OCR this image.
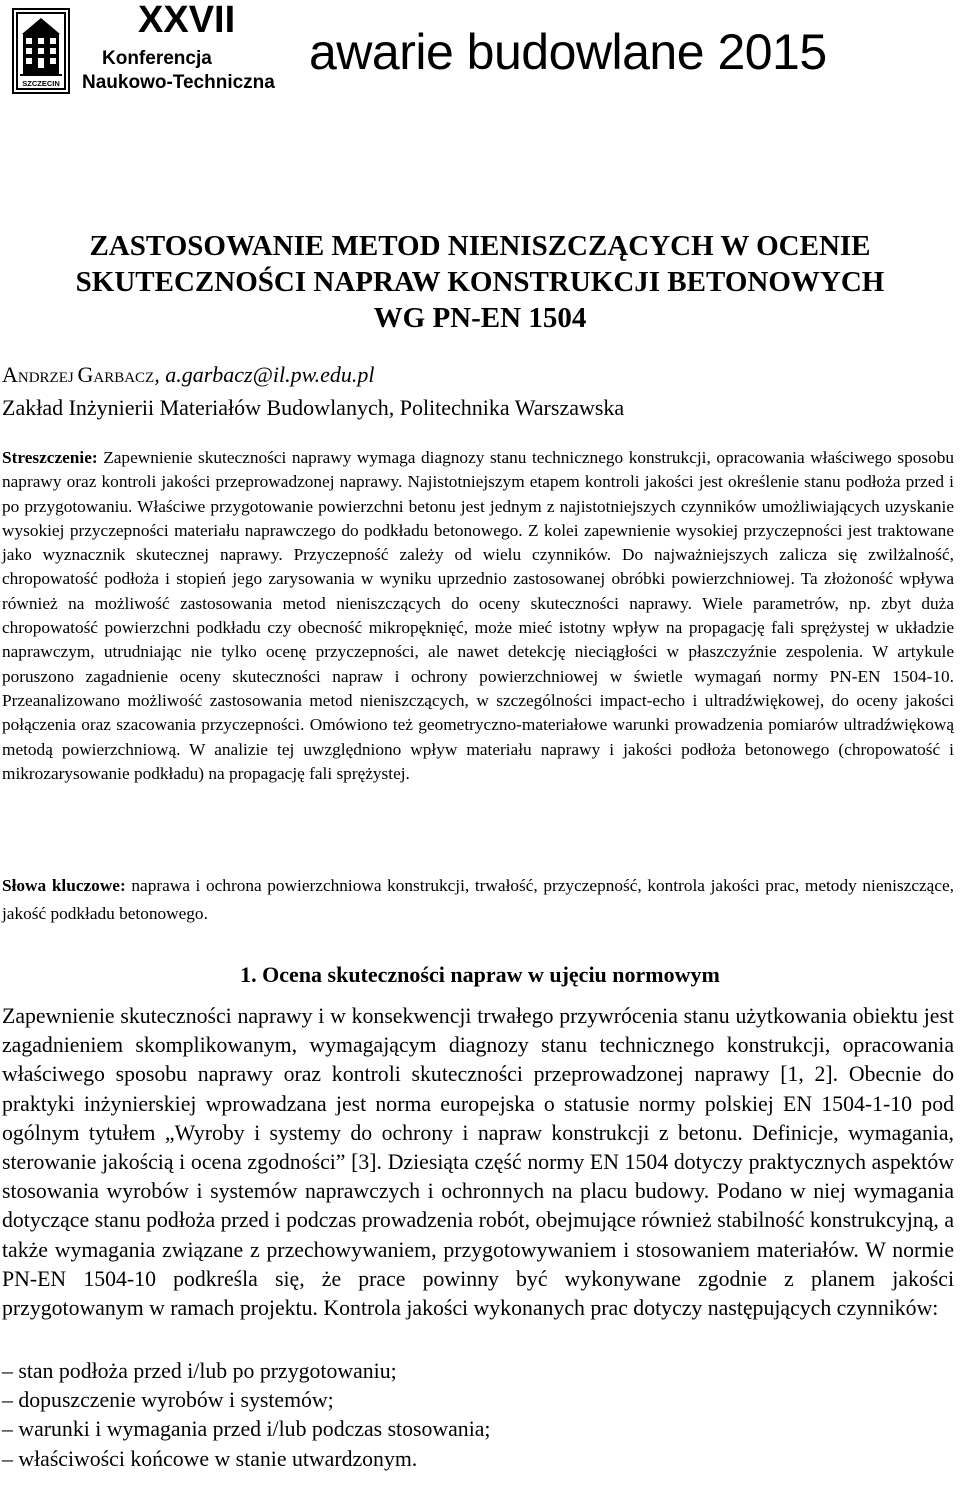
SZCZECIN
XXVII
Konferencja
Naukowo-Techniczna
awarie budowlane 2015
ZASTOSOWANIE METOD NIENISZCZĄCYCH W OCENIE
SKUTECZNOŚCI NAPRAW KONSTRUKCJI BETONOWYCH
WG PN-EN 1504
ANDRZEJ GARBACZ, a.garbacz@il.pw.edu.pl
Zakład Inżynierii Materiałów Budowlanych, Politechnika Warszawska
Streszczenie: Zapewnienie skuteczności naprawy wymaga diagnozy stanu technicznego konstrukcji, opracowania właściwego sposobu naprawy oraz kontroli jakości przeprowadzonej naprawy. Najistotniejszym etapem kontroli jakości jest określenie stanu podłoża przed i po przygotowaniu. Właściwe przygotowanie powierzchni betonu jest jednym z najistotniejszych czynników umożliwiających uzyskanie wysokiej przyczepności materiału naprawczego do podkładu betonowego. Z kolei zapewnienie wysokiej przyczepności jest traktowane jako wyznacznik skutecznej naprawy. Przyczepność zależy od wielu czynników. Do najważniejszych zalicza się zwilżalność, chropowatość podłoża i stopień jego zarysowania w wyniku uprzednio zastosowanej obróbki powierzchniowej. Ta złożoność wpływa również na możliwość zastosowania metod nieniszczących do oceny skuteczności naprawy. Wiele parametrów, np. zbyt duża chropowatość powierzchni podkładu czy obecność mikropęknięć, może mieć istotny wpływ na propagację fali sprężystej w układzie naprawczym, utrudniając nie tylko ocenę przyczepności, ale nawet detekcję nieciągłości w płaszczyźnie zespolenia. W artykule poruszono zagadnienie oceny skuteczności napraw i ochrony powierzchniowej w świetle wymagań normy PN-EN 1504-10. Przeanalizowano możliwość zastosowania metod nieniszczących, w szczególności impact-echo i ultradźwiękowej, do oceny jakości połączenia oraz szacowania przyczepności. Omówiono też geometryczno-materiałowe warunki prowadzenia pomiarów ultradźwiękową metodą powierzchniową. W analizie tej uwzględniono wpływ materiału naprawy i jakości podłoża betonowego (chropowatość i mikrozarysowanie podkładu) na propagację fali sprężystej.
Słowa kluczowe: naprawa i ochrona powierzchniowa konstrukcji, trwałość, przyczepność, kontrola jakości prac, metody nieniszczące, jakość podkładu betonowego.
1. Ocena skuteczności napraw w ujęciu normowym
Zapewnienie skuteczności naprawy i w konsekwencji trwałego przywrócenia stanu użytkowania obiektu jest zagadnieniem skomplikowanym, wymagającym diagnozy stanu technicznego konstrukcji, opracowania właściwego sposobu naprawy oraz kontroli skuteczności przeprowadzonej naprawy [1, 2]. Obecnie do praktyki inżynierskiej wprowadzana jest norma europejska o statusie normy polskiej EN 1504-1-10 pod ogólnym tytułem „Wyroby i systemy do ochrony i napraw konstrukcji z betonu. Definicje, wymagania, sterowanie jakością i ocena zgodności” [3]. Dziesiąta część normy EN 1504 dotyczy praktycznych aspektów stosowania wyrobów i systemów naprawczych i ochronnych na placu budowy. Podano w niej wymagania dotyczące stanu podłoża przed i podczas prowadzenia robót, obejmujące również stabilność konstrukcyjną, a także wymagania związane z przechowywaniem, przygotowywaniem i stosowaniem materiałów. W normie PN-EN 1504-10 podkreśla się, że prace powinny być wykonywane zgodnie z planem jakości przygotowanym w ramach projektu. Kontrola jakości wykonanych prac dotyczy następujących czynników:
– stan podłoża przed i/lub po przygotowaniu;
– dopuszczenie wyrobów i systemów;
– warunki i wymagania przed i/lub podczas stosowania;
– właściwości końcowe w stanie utwardzonym.
